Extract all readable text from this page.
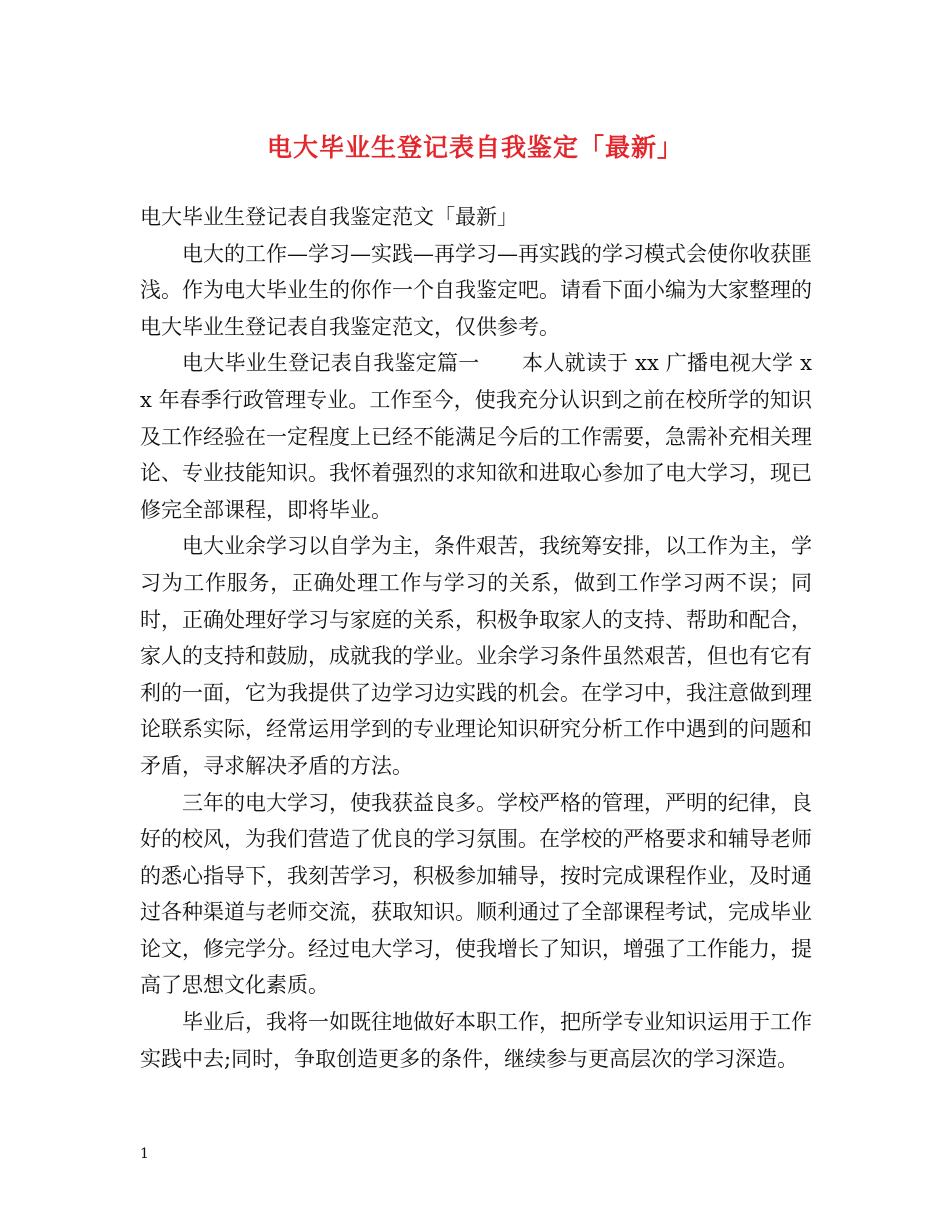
电大毕业生登记表自我鉴定「最新」

电大毕业生登记表自我鉴定范文「最新」

电大的工作—学习—实践—再学习—再实践的学习模式会使你收获匪浅。作为电大毕业生的你作一个自我鉴定吧。请看下面小编为大家整理的电大毕业生登记表自我鉴定范文，仅供参考。

电大毕业生登记表自我鉴定篇一　　本人就读于 xx 广播电视大学 xx 年春季行政管理专业。工作至今，使我充分认识到之前在校所学的知识及工作经验在一定程度上已经不能满足今后的工作需要，急需补充相关理论、专业技能知识。我怀着强烈的求知欲和进取心参加了电大学习，现已修完全部课程，即将毕业。

电大业余学习以自学为主，条件艰苦，我统筹安排，以工作为主，学习为工作服务，正确处理工作与学习的关系，做到工作学习两不误；同时，正确处理好学习与家庭的关系，积极争取家人的支持、帮助和配合，家人的支持和鼓励，成就我的学业。业余学习条件虽然艰苦，但也有它有利的一面，它为我提供了边学习边实践的机会。在学习中，我注意做到理论联系实际，经常运用学到的专业理论知识研究分析工作中遇到的问题和矛盾，寻求解决矛盾的方法。

三年的电大学习，使我获益良多。学校严格的管理，严明的纪律，良好的校风，为我们营造了优良的学习氛围。在学校的严格要求和辅导老师的悉心指导下，我刻苦学习，积极参加辅导，按时完成课程作业，及时通过各种渠道与老师交流，获取知识。顺利通过了全部课程考试，完成毕业论文，修完学分。经过电大学习，使我增长了知识，增强了工作能力，提高了思想文化素质。

毕业后，我将一如既往地做好本职工作，把所学专业知识运用于工作实践中去;同时，争取创造更多的条件，继续参与更高层次的学习深造。

1
